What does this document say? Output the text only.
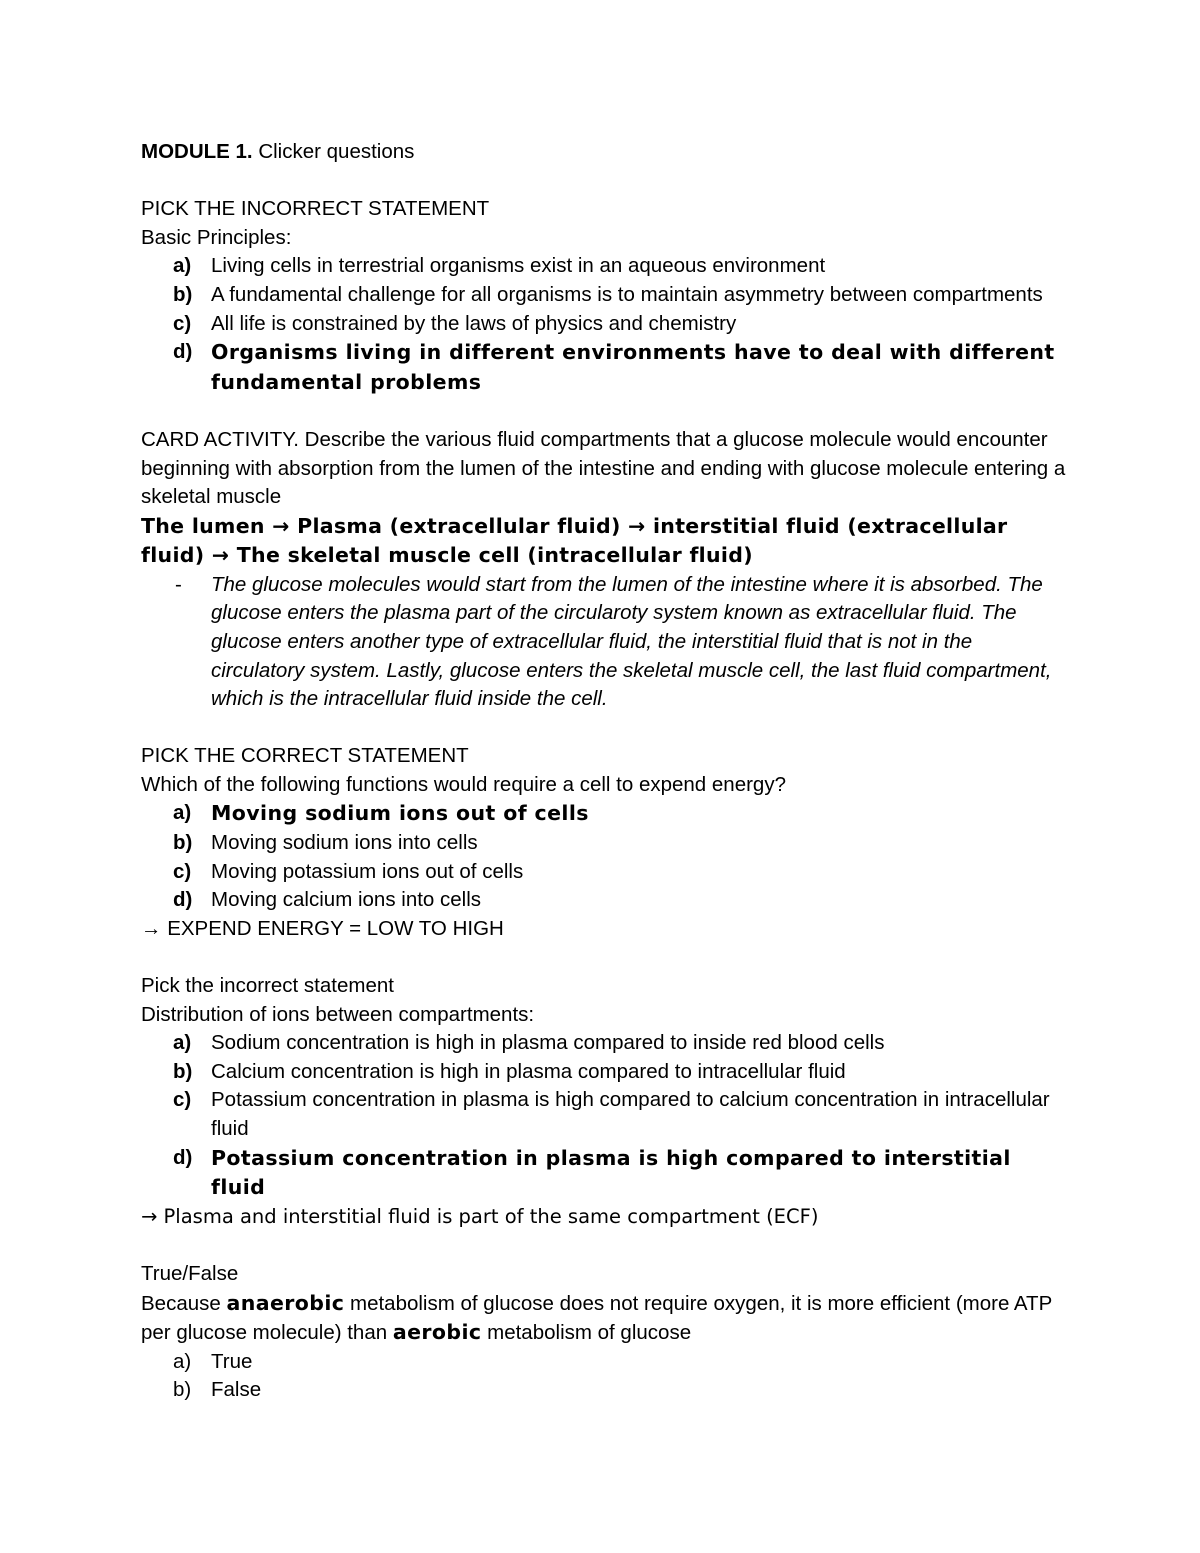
MODULE 1. Clicker questions

PICK THE INCORRECT STATEMENT

Basic Principles:

a) Living cells in terrestrial organisms exist in an aqueous environment
b) A fundamental challenge for all organisms is to maintain asymmetry between compartments
c) All life is constrained by the laws of physics and chemistry
d) Organisms living in different environments have to deal with different fundamental problems

CARD ACTIVITY. Describe the various fluid compartments that a glucose molecule would encounter beginning with absorption from the lumen of the intestine and ending with glucose molecule entering a skeletal muscle

The lumen → Plasma (extracellular fluid) → interstitial fluid (extracellular fluid) → The skeletal muscle cell (intracellular fluid)

- The glucose molecules would start from the lumen of the intestine where it is absorbed. The glucose enters the plasma part of the circularoty system known as extracellular fluid. The glucose enters another type of extracellular fluid, the interstitial fluid that is not in the circulatory system. Lastly, glucose enters the skeletal muscle cell, the last fluid compartment, which is the intracellular fluid inside the cell.

PICK THE CORRECT STATEMENT

Which of the following functions would require a cell to expend energy?

a) Moving sodium ions out of cells
b) Moving sodium ions into cells
c) Moving potassium ions out of cells
d) Moving calcium ions into cells

→ EXPEND ENERGY = LOW TO HIGH

Pick the incorrect statement

Distribution of ions between compartments:

a) Sodium concentration is high in plasma compared to inside red blood cells
b) Calcium concentration is high in plasma compared to intracellular fluid
c) Potassium concentration in plasma is high compared to calcium concentration in intracellular fluid
d) Potassium concentration in plasma is high compared to interstitial fluid

→ Plasma and interstitial fluid is part of the same compartment (ECF)

True/False

Because anaerobic metabolism of glucose does not require oxygen, it is more efficient (more ATP per glucose molecule) than aerobic metabolism of glucose

a) True
b) False
